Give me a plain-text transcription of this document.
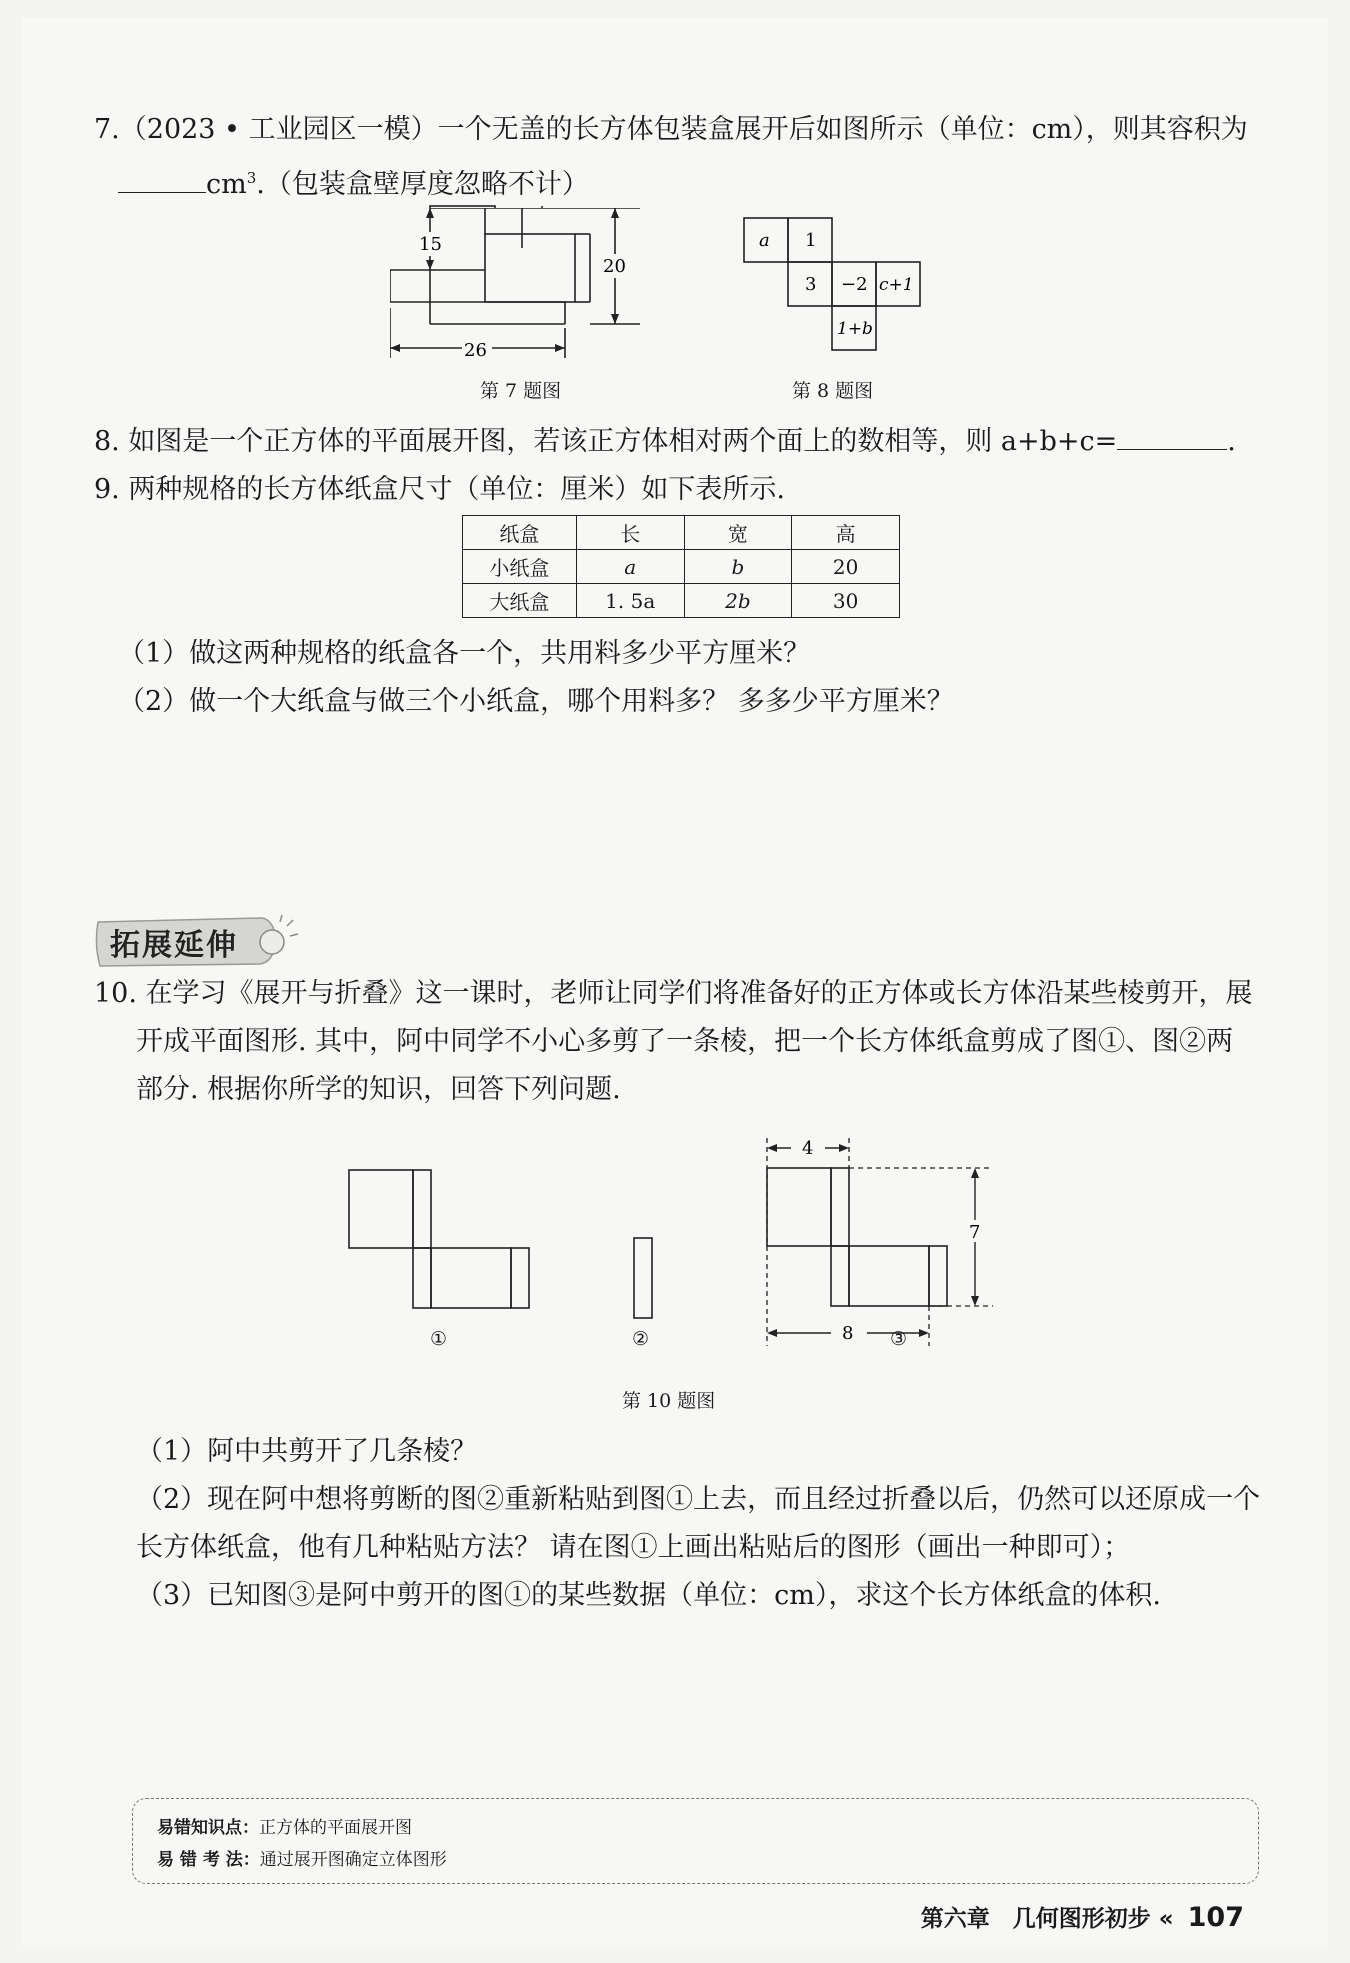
7.（2023 • 工业园区一模）一个无盖的长方体包装盒展开后如图所示（单位：cm），则其容积为
$cm^3$.（包装盒壁厚度忽略不计）
15
20
26
第 7 题图
a 1
3 −2 c+1
1+b
第 8 题图
8. 如图是一个正方体的平面展开图，若该正方体相对两个面上的数相等，则 a+b+c=	.
9. 两种规格的长方体纸盒尺寸（单位：厘米）如下表所示.
纸盒	长	宽	高
小纸盒	a	b	20
大纸盒	1. 5a	2b	30
（1）做这两种规格的纸盒各一个，共用料多少平方厘米？
（2）做一个大纸盒与做三个小纸盒，哪个用料多？ 多多少平方厘米？
拓展延伸
10. 在学习《展开与折叠》这一课时，老师让同学们将准备好的正方体或长方体沿某些棱剪开，展
开成平面图形. 其中，阿中同学不小心多剪了一条棱，把一个长方体纸盒剪成了图①、图②两
部分. 根据你所学的知识，回答下列问题.
①	②
4
7
8 ③
第 10 题图
（1）阿中共剪开了几条棱？
（2）现在阿中想将剪断的图②重新粘贴到图①上去，而且经过折叠以后，仍然可以还原成一个
长方体纸盒，他有几种粘贴方法？ 请在图①上画出粘贴后的图形（画出一种即可）；
（3）已知图③是阿中剪开的图①的某些数据（单位：cm），求这个长方体纸盒的体积.
易错知识点：正方体的平面展开图
易 错 考 法：通过展开图确定立体图形
第六章　几何图形初步 « 107
